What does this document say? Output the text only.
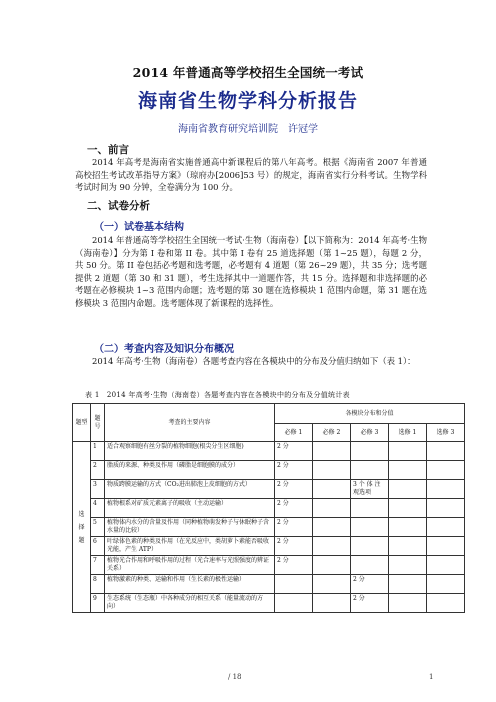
2014 年普通高等学校招生全国统一考试
海南省生物学科分析报告
海南省教育研究培训院　许冠学
一、前言
2014 年高考是海南省实施普通高中新课程后的第八年高考。根据《海南省 2007 年普通高校招生考试改革指导方案》（琼府办[2006]53 号）的规定，海南省实行分科考试。生物学科考试时间为 90 分钟，全卷满分为 100 分。
二、试卷分析
（一）试卷基本结构
2014 年普通高等学校招生全国统一考试·生物（海南卷）【以下简称为：2014 年高考·生物（海南卷）】分为第 I 卷和第 II 卷。其中第 I 卷有 25 道选择题（第 1~25 题），每题 2 分，共 50 分。第 II 卷包括必考题和选考题，必考题有 4 道题（第 26~29 题），共 35 分；选考题提供 2 道题（第 30 和 31 题），考生选择其中一道题作答，共 15 分。选择题和非选择题的必考题在必修模块 1~3 范围内命题；选考题的第 30 题在选修模块 1 范围内命题，第 31 题在选修模块 3 范围内命题。选考题体现了新课程的选择性。
（二）考查内容及知识分布概况
2014 年高考·生物（海南卷）各题考查内容在各模块中的分布及分值归纳如下（表 1）：
表 1　2014 年高考·生物（海南卷）各题考查内容在各模块中的分布及分值统计表
题型	题号	考查的主要内容	各模块分布和分值				
			必修 1	必修 2	必修 3	选修 1	选修 3
选择题	1	适合观察细胞有丝分裂的植物细胞(根尖分生区细胞)	2 分				
	2	脂质的来源、种类及作用（磷脂是细胞膜的成分）	2 分				
	3	物质跨膜运输的方式（CO₂进出肺泡上皮细胞的方式）	2 分		3 个 体 注 观选项		
	4	植物根系对矿质元素离子的吸收（主动运输）	2 分				
	5	植物体内水分的含量及作用（同种植物萌发种子与休眠种子含水量的比较）	2 分				
	6	叶绿体色素的种类及作用（在光反应中，类胡萝卜素能否吸收光能，产生 ATP）	2 分				
	7	植物光合作用和呼吸作用的过程（光合速率与光照强度的辨证关系）	2 分				
	8	植物激素的种类、运输和作用（生长素的极性运输）			2 分		
	9	生态系统（生态瓶）中各种成分的相互关系（能量流动的方向）			2 分		
/ 18	1
